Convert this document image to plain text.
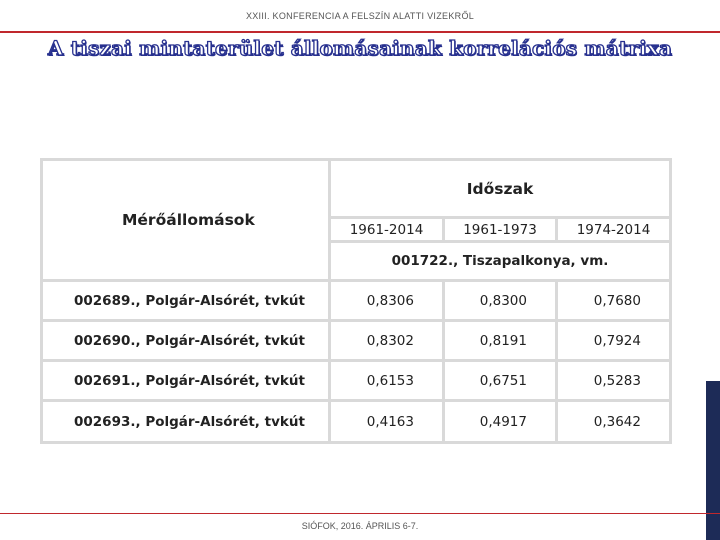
XXIII. KONFERENCIA A FELSZÍN ALATTI VIZEKRŐL
A tiszai mintaterület állomásainak korrelációs mátrixa
Mérőállomások
Időszak
1961-2014	1961-1973	1974-2014
001722., Tiszapalkonya, vm.
002689., Polgár-Alsórét, tvkút	0,8306	0,8300	0,7680
002690., Polgár-Alsórét, tvkút	0,8302	0,8191	0,7924
002691., Polgár-Alsórét, tvkút	0,6153	0,6751	0,5283
002693., Polgár-Alsórét, tvkút	0,4163	0,4917	0,3642
SIÓFOK, 2016. ÁPRILIS 6-7.
